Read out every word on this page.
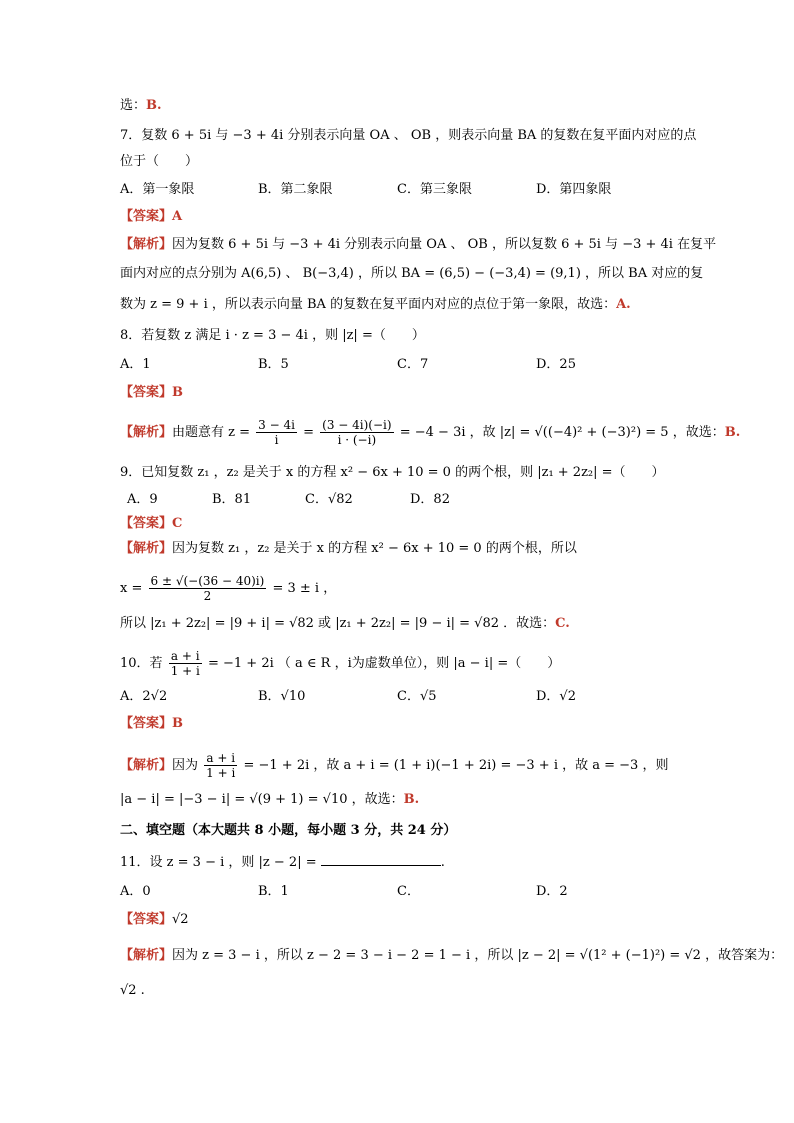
选：B.
7．复数 6 + 5i 与 −3 + 4i 分别表示向量 OA 、 OB ，则表示向量 BA 的复数在复平面内对应的点
位于（　　）
A．第一象限	B．第二象限	C．第三象限	D．第四象限
【答案】A
【解析】因为复数 6 + 5i 与 −3 + 4i 分别表示向量 OA 、 OB ，所以复数 6 + 5i 与 −3 + 4i 在复平
面内对应的点分别为 A(6,5) 、 B(−3,4) ，所以 BA = (6,5) − (−3,4) = (9,1) ，所以 BA 对应的复
数为 z = 9 + i ，所以表示向量 BA 的复数在复平面内对应的点位于第一象限，故选：A.
8．若复数 z 满足 i · z = 3 − 4i ，则 |z| =（　　）
A．1	B．5	C．7	D．25
【答案】B
【解析】由题意有 $z = \frac{3 - 4i}{i} = \frac{(3 - 4i)(-i)}{i \cdot (-i)} = -4 - 3i$ ，故 |z| = √((−4)² + (−3)²) = 5 ，故选：B.
9．已知复数 z₁ ，z₂ 是关于 x 的方程 x² − 6x + 10 = 0 的两个根，则 |z₁ + 2z₂| =（　　）
A．9	B．81	C．√82	D．82
【答案】C
【解析】因为复数 z₁ ，z₂ 是关于 x 的方程 x² − 6x + 10 = 0 的两个根，所以
$x = \frac{6 \pm √(-(36 - 40)i)}{2} = 3 \pm i$ ，
所以 |z₁ + 2z₂| = |9 + i| = √82 或 |z₁ + 2z₂| = |9 − i| = √82 ．故选：C.
10．若 $\frac{a + i}{1 + i} = -1 + 2i$ （ a ∈ R ，i为虚数单位），则 |a − i| =（　　）
A．2√2	B．√10	C．√5	D．√2
【答案】B
【解析】因为 $\frac{a + i}{1 + i} = -1 + 2i$ ，故 a + i = (1 + i)(−1 + 2i) = −3 + i ，故 a = −3 ，则
|a − i| = |−3 − i| = √(9 + 1) = √10 ，故选：B.
二、填空题（本大题共 8 小题，每小题 3 分，共 24 分）
11．设 z = 3 − i ，则 |z − 2| =	.
A．0	B．1	C．	D．2
【答案】√2
【解析】因为 z = 3 − i ，所以 z − 2 = 3 − i − 2 = 1 − i ，所以 |z − 2| = √(1² + (−1)²) = √2 ，故答案为：
√2 .
